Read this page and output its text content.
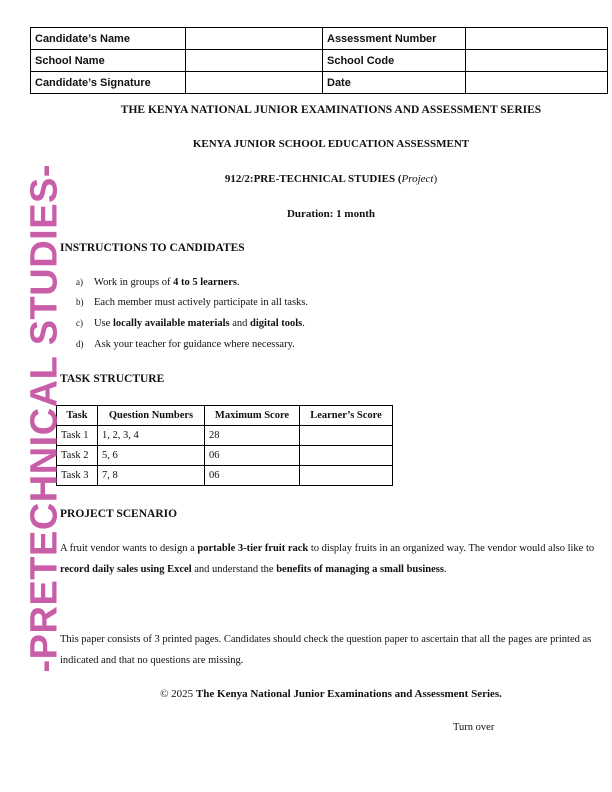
Candidate’s Name		Assessment Number	
School Name		School Code	
Candidate’s Signature		Date	
THE KENYA NATIONAL JUNIOR EXAMINATIONS AND ASSESSMENT SERIES
KENYA JUNIOR SCHOOL EDUCATION ASSESSMENT
912/2:PRE-TECHNICAL STUDIES (Project)
Duration: 1 month
INSTRUCTIONS TO CANDIDATES
a) Work in groups of 4 to 5 learners.
b) Each member must actively participate in all tasks.
c) Use locally available materials and digital tools.
d) Ask your teacher for guidance where necessary.
TASK STRUCTURE
Task	Question Numbers	Maximum Score	Learner’s Score
Task 1	1, 2, 3, 4	28	
Task 2	5, 6	06	
Task 3	7, 8	06	
PROJECT SCENARIO
A fruit vendor wants to design a portable 3-tier fruit rack to display fruits in an organized way. The vendor would also like to record daily sales using Excel and understand the benefits of managing a small business.
This paper consists of 3 printed pages. Candidates should check the question paper to ascertain that all the pages are printed as indicated and that no questions are missing.
© 2025 The Kenya National Junior Examinations and Assessment Series.
Turn over
-PRETECHNICAL STUDIES-
